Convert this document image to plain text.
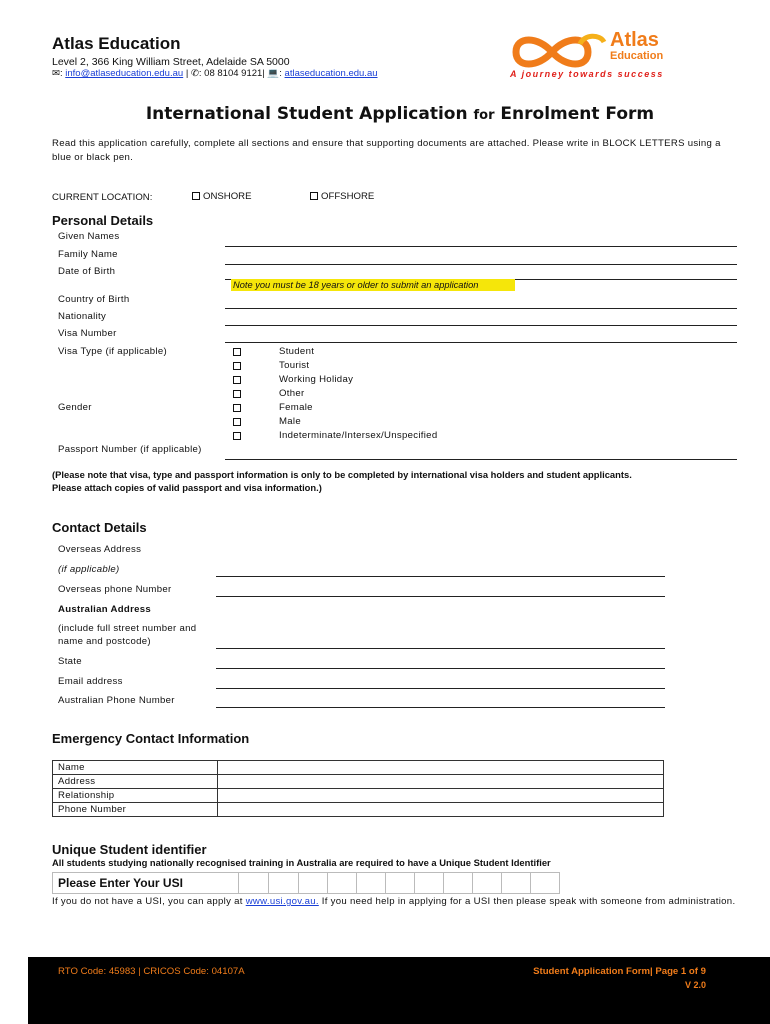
Atlas Education
Level 2, 366 King William Street, Adelaide SA 5000
✉: info@atlaseducation.edu.au | ✆: 08 8104 9121| 💻: atlaseducation.edu.au
Atlas
Education
A journey towards success
International Student Application for Enrolment Form
Read this application carefully, complete all sections and ensure that supporting documents are attached. Please write in BLOCK LETTERS using a blue or black pen.
CURRENT LOCATION:	ONSHORE	OFFSHORE
Personal Details
Given Names
Family Name
Date of Birth
Note you must be 18 years or older to submit an application
Country of Birth
Nationality
Visa Number
Visa Type (if applicable)	Student
Tourist
Working Holiday
Other
Gender	Female
Male
Indeterminate/Intersex/Unspecified
Passport Number (if applicable)
(Please note that visa, type and passport information is only to be completed by international visa holders and student applicants.
Please attach copies of valid passport and visa information.)
Contact Details
Overseas Address
(if applicable)
Overseas phone Number
Australian Address
(include full street number and
name and postcode)
State
Email address
Australian Phone Number
Emergency Contact Information
Name	
Address	
Relationship	
Phone Number	
Unique Student identifier
All students studying nationally recognised training in Australia are required to have a Unique Student Identifier
Please Enter Your USI
If you do not have a USI, you can apply at www.usi.gov.au. If you need help in applying for a USI then please speak with someone from administration.
RTO Code: 45983 | CRICOS Code: 04107A	Student Application Form| Page 1 of 9
V 2.0
